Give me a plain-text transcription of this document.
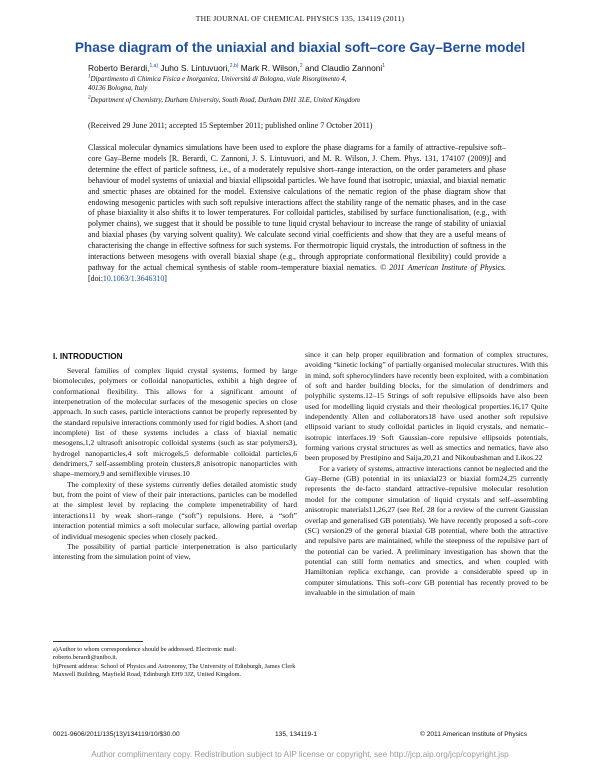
THE JOURNAL OF CHEMICAL PHYSICS 135, 134119 (2011)
Phase diagram of the uniaxial and biaxial soft–core Gay–Berne model
Roberto Berardi,$^{1,a)}$ Juho S. Lintuvuori,$^{2,b)}$ Mark R. Wilson,$^2$ and Claudio Zannoni$^1$
$^1$Dipartimento di Chimica Fisica e Inorganica, Università di Bologna, viale Risorgimento 4,
40136 Bologna, Italy
$^2$Department of Chemistry, Durham University, South Road, Durham DH1 3LE, United Kingdom
(Received 29 June 2011; accepted 15 September 2011; published online 7 October 2011)

Classical molecular dynamics simulations have been used to explore the phase diagrams for a family of attractive–repulsive soft–core Gay–Berne models [R. Berardi, C. Zannoni, J. S. Lintuvuori, and M. R. Wilson, J. Chem. Phys. 131, 174107 (2009)] and determine the effect of particle softness, i.e., of a moderately repulsive short–range interaction, on the order parameters and phase behaviour of model systems of uniaxial and biaxial ellipsoidal particles. We have found that isotropic, uniaxial, and biaxial nematic and smectic phases are obtained for the model. Extensive calculations of the nematic region of the phase diagram show that endowing mesogenic particles with such soft repulsive interactions affect the stability range of the nematic phases, and in the case of phase biaxiality it also shifts it to lower temperatures. For colloidal particles, stabilised by surface functionalisation, (e.g., with polymer chains), we suggest that it should be possible to tune liquid crystal behaviour to increase the range of stability of uniaxial and biaxial phases (by varying solvent quality). We calculate second virial coefficients and show that they are a useful means of characterising the change in effective softness for such systems. For thermotropic liquid crystals, the introduction of softness in the interactions between mesogens with overall biaxial shape (e.g., through appropriate conformational flexibility) could provide a pathway for the actual chemical synthesis of stable room–temperature biaxial nematics. © 2011 American Institute of Physics. [doi:10.1063/1.3646310]

I. INTRODUCTION

Several families of complex liquid crystal systems, formed by large biomolecules, polymers or colloidal nanoparticles, exhibit a high degree of conformational flexibility. This allows for a significant amount of interpenetration of the molecular surfaces of the mesogenic species on close approach. In such cases, particle interactions cannot be properly represented by the standard repulsive interactions commonly used for rigid bodies. A short (and incomplete) list of these systems includes a class of biaxial nematic mesogens,1,2 ultrasoft anisotropic colloidal systems (such as star polymers3), hydrogel nanoparticles,4 soft microgels,5 deformable colloidal particles,6 dendrimers,7 self-assembling protein clusters,8 anisotropic nanoparticles with shape–memory,9 and semiflexible viruses.10

The complexity of these systems currently defies detailed atomistic study but, from the point of view of their pair interactions, particles can be modelled at the simplest level by replacing the complete impenetrability of hard interactions11 by weak short–range (“soft”) repulsions. Here, a “soft” interaction potential mimics a soft molecular surface, allowing partial overlap of individual mesogenic species when closely packed.

The possibility of partial particle interpenetration is also particularly interesting from the simulation point of view,

since it can help proper equilibration and formation of complex structures, avoiding “kinetic locking” of partially organised molecular structures. With this in mind, soft spherocylinders have recently been exploited, with a combination of soft and harder building blocks, for the simulation of dendrimers and polyphilic systems.12–15 Strings of soft repulsive ellipsoids have also been used for modelling liquid crystals and their rheological properties.16,17 Quite independently Allen and collaborators18 have used another soft repulsive ellipsoid variant to study colloidal particles in liquid crystals, and nematic–isotropic interfaces.19 Soft Gaussian–core repulsive ellipsoids potentials, forming various crystal structures as well as smectics and nematics, have also been proposed by Prestipino and Saija,20,21 and Nikoubashman and Likos.22

For a variety of systems, attractive interactions cannot be neglected and the Gay–Berne (GB) potential in its uniaxial23 or biaxial form24,25 currently represents the de-facto standard attractive–repulsive molecular resolution model for the computer simulation of liquid crystals and self–assembling anisotropic materials11,26,27 (see Ref. 28 for a review of the current Gaussian overlap and generalised GB potentials). We have recently proposed a soft–core (SC) version29 of the general biaxial GB potential, where both the attractive and repulsive parts are maintained, while the steepness of the repulsive part of the potential can be varied. A preliminary investigation has shown that the potential can still form nematics and smectics, and when coupled with Hamiltonian replica exchange, can provide a considerable speed up in computer simulations. This soft–core GB potential has recently proved to be invaluable in the simulation of main

a)Author to whom correspondence should be addressed. Electronic mail: roberto.berardi@unibo.it.
b)Present address: School of Physics and Astronomy, The University of Edinburgh, James Clerk Maxwell Building, Mayfield Road, Edinburgh EH9 3JZ, United Kingdom.
0021-9606/2011/135(13)/134119/10/$30.00	135, 134119-1	© 2011 American Institute of Physics
Author complimentary copy. Redistribution subject to AIP license or copyright, see http://jcp.aip.org/jcp/copyright.jsp
